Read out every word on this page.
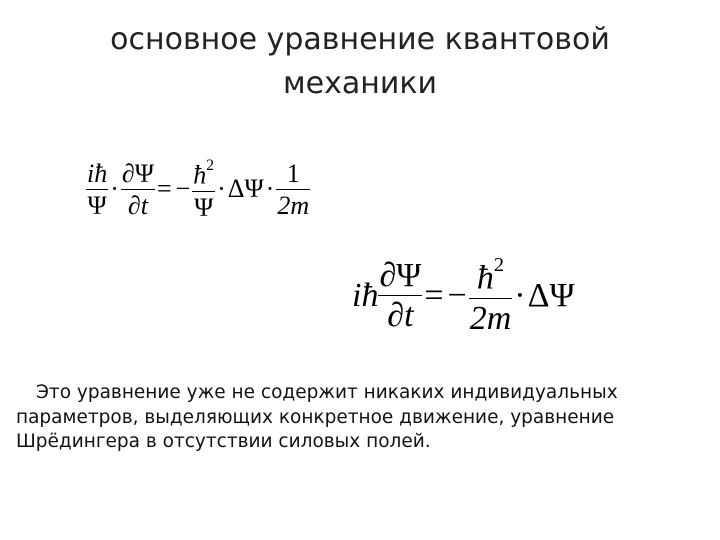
основное уравнение квантовой
механики
$\frac{iħ}{\Psi} \cdot \frac{\partial\Psi}{\partial t}$ = − $\frac{ħ^2}{\Psi} \cdot \Delta\Psi \cdot \frac{1}{2m}$
iħ $\frac{\partial\Psi}{\partial t}$ = − $\frac{ħ^2}{2m} \cdot \Delta\Psi$
Это уравнение уже не содержит никаких индивидуальных параметров, выделяющих конкретное движение, уравнение Шрёдингера в отсутствии силовых полей.
